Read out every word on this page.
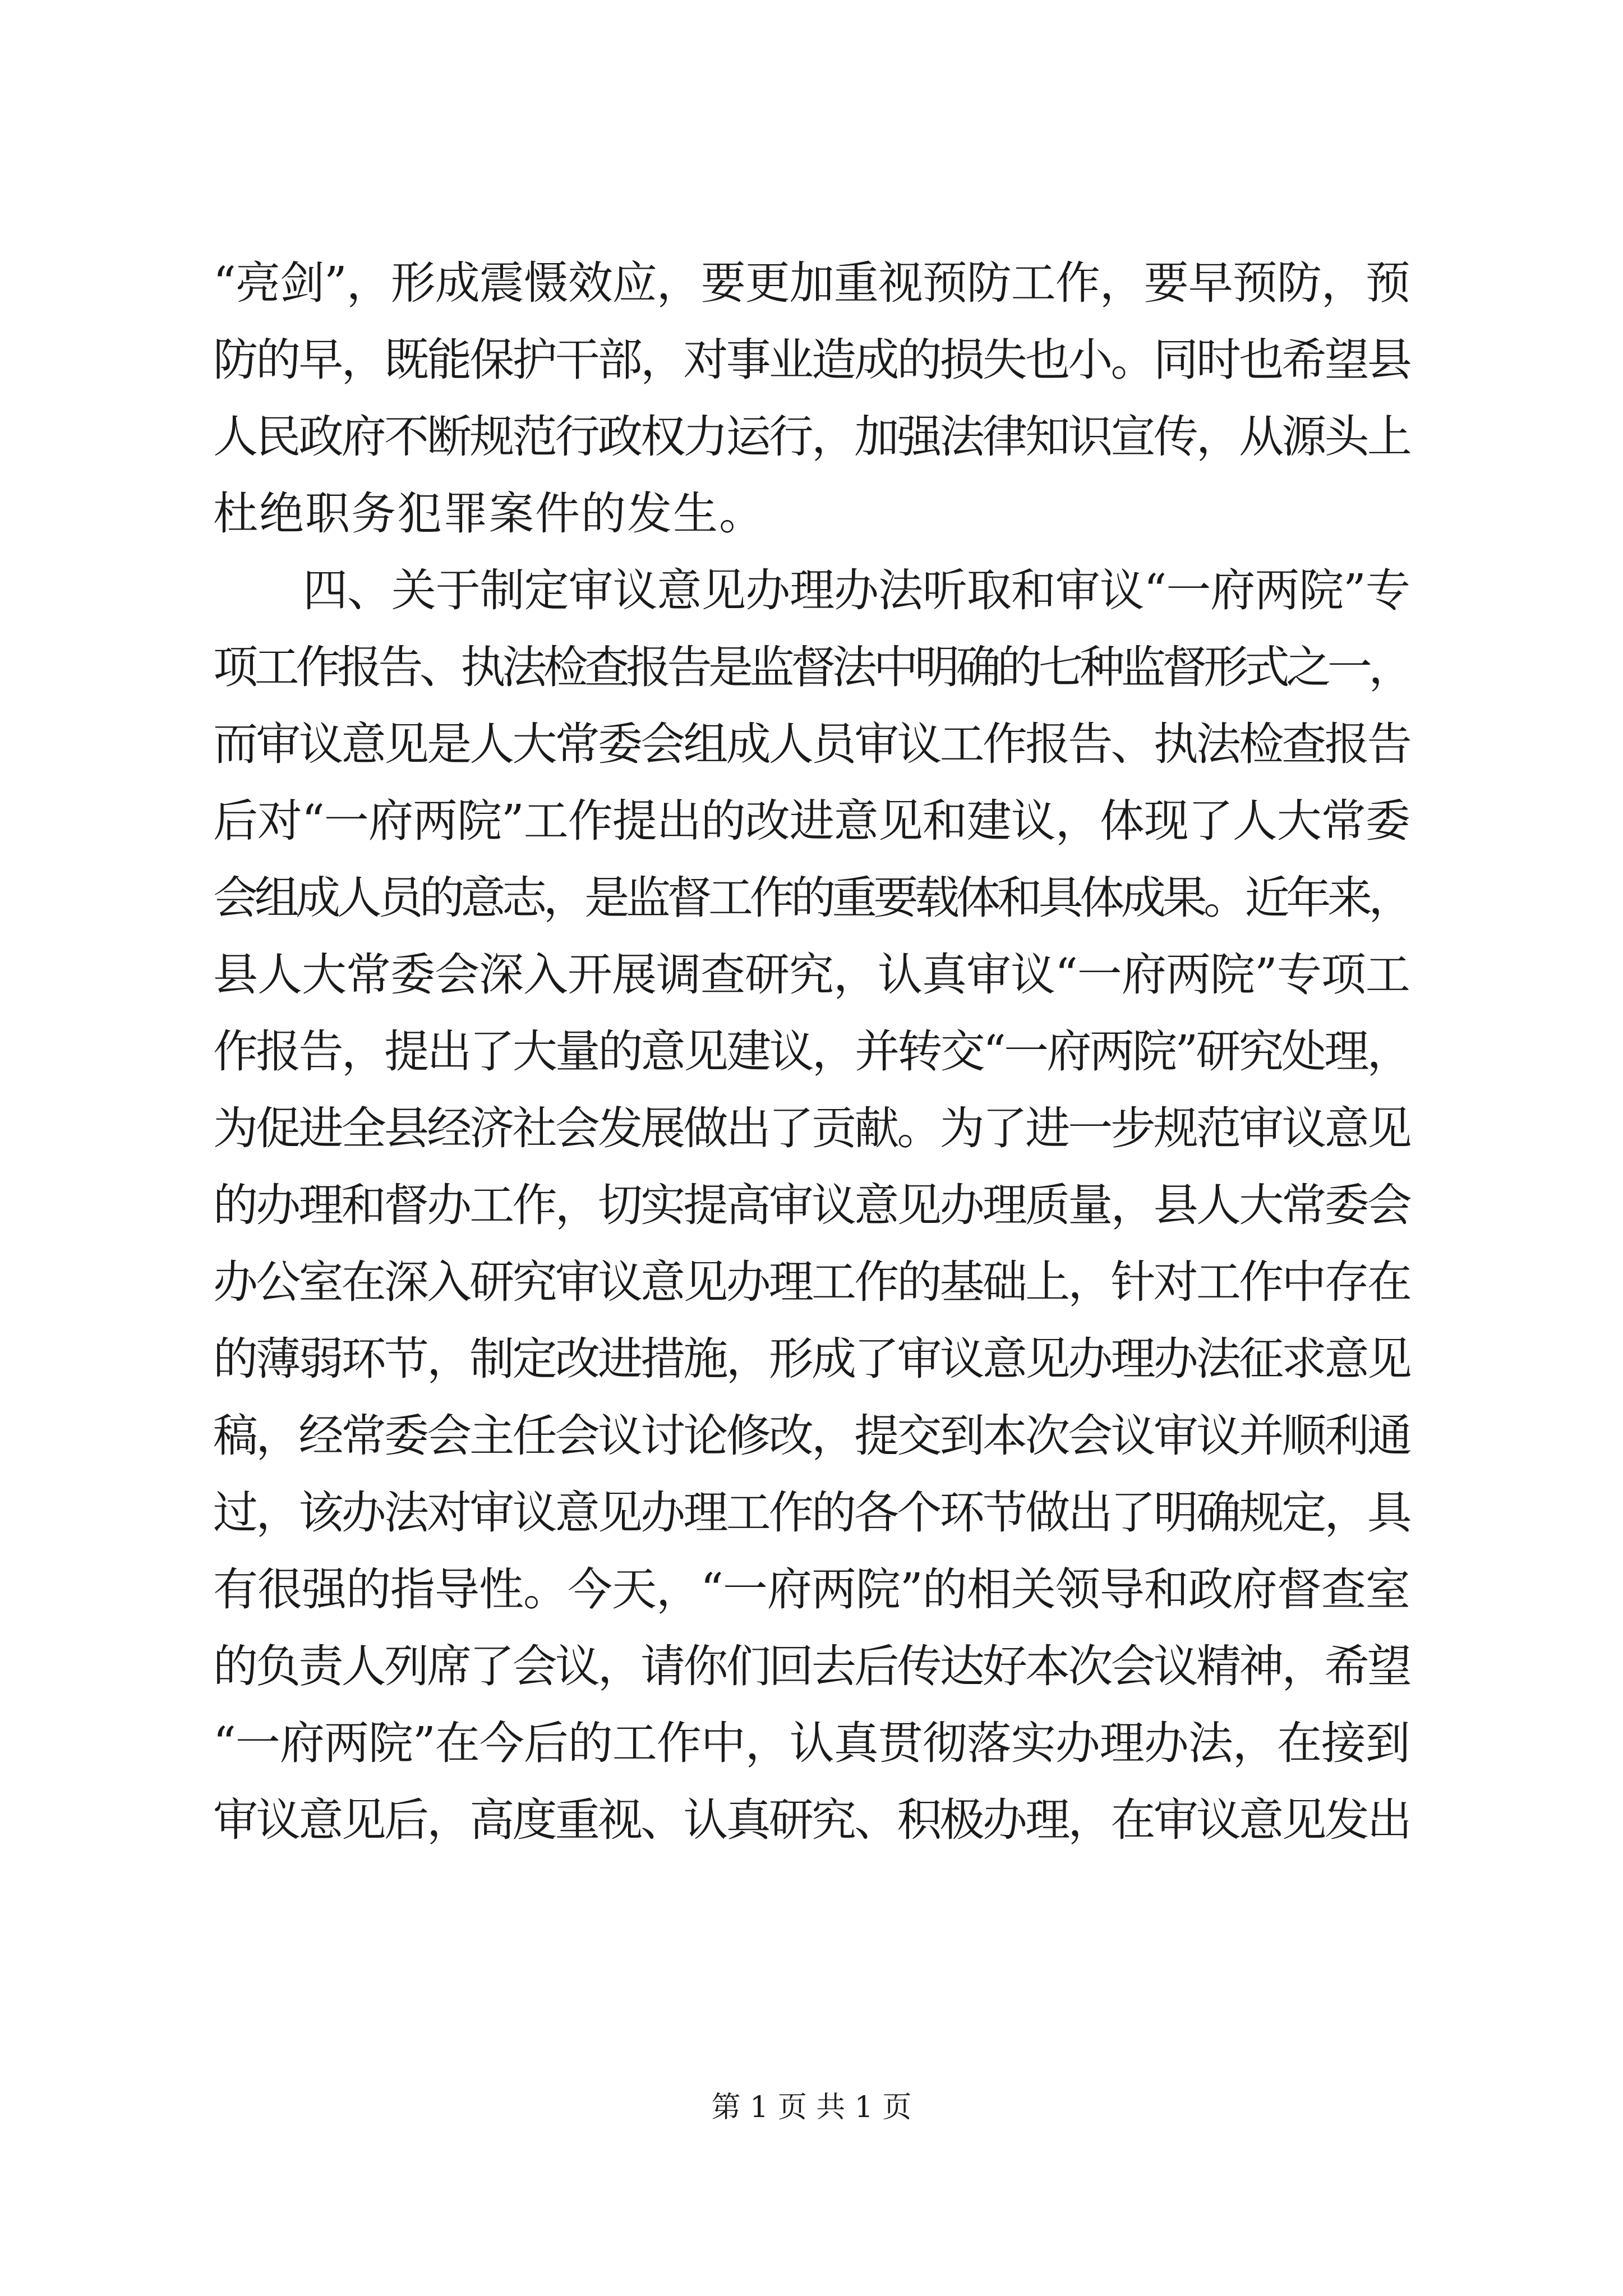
“亮剑”，形成震慑效应，要更加重视预防工作，要早预防，预
防的早，既能保护干部，对事业造成的损失也小。同时也希望县
人民政府不断规范行政权力运行，加强法律知识宣传，从源头上
杜绝职务犯罪案件的发生。
四、关于制定审议意见办理办法听取和审议“一府两院”专
项工作报告、执法检查报告是监督法中明确的七种监督形式之一，
而审议意见是人大常委会组成人员审议工作报告、执法检查报告
后对“一府两院”工作提出的改进意见和建议，体现了人大常委
会组成人员的意志，是监督工作的重要载体和具体成果。近年来，
县人大常委会深入开展调查研究，认真审议“一府两院”专项工
作报告，提出了大量的意见建议，并转交“一府两院”研究处理，
为促进全县经济社会发展做出了贡献。为了进一步规范审议意见
的办理和督办工作，切实提高审议意见办理质量，县人大常委会
办公室在深入研究审议意见办理工作的基础上，针对工作中存在
的薄弱环节，制定改进措施，形成了审议意见办理办法征求意见
稿，经常委会主任会议讨论修改，提交到本次会议审议并顺利通
过，该办法对审议意见办理工作的各个环节做出了明确规定，具
有很强的指导性。今天，“一府两院”的相关领导和政府督查室
的负责人列席了会议，请你们回去后传达好本次会议精神，希望
“一府两院”在今后的工作中，认真贯彻落实办理办法，在接到
审议意见后，高度重视、认真研究、积极办理，在审议意见发出
第 1 页 共 1 页
